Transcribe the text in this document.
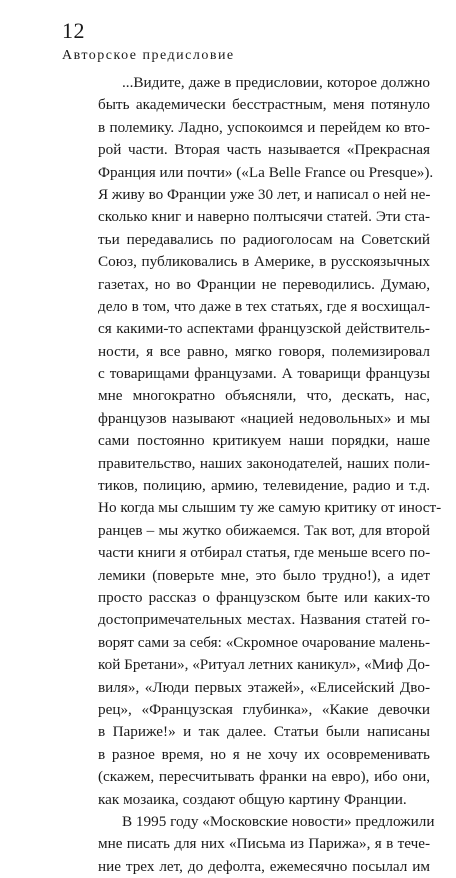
12
Авторское предисловие
...Видите, даже в предисловии, которое должно
быть академически бесстрастным, меня потянуло
в полемику. Ладно, успокоимся и перейдем ко вто-
рой части. Вторая часть называется «Прекрасная
Франция или почти» («La Belle France ou Presque»).
Я живу во Франции уже 30 лет, и написал о ней не-
сколько книг и наверно полтысячи статей. Эти ста-
тьи передавались по радиоголосам на Советский
Союз, публиковались в Америке, в русскоязычных
газетах, но во Франции не переводились. Думаю,
дело в том, что даже в тех статьях, где я восхищал-
ся какими-то аспектами французской действитель-
ности, я все равно, мягко говоря, полемизировал
с товарищами французами. А товарищи французы
мне многократно объясняли, что, дескать, нас,
французов называют «нацией недовольных» и мы
сами постоянно критикуем наши порядки, наше
правительство, наших законодателей, наших поли-
тиков, полицию, армию, телевидение, радио и т.д.
Но когда мы слышим ту же самую критику от иност-
ранцев – мы жутко обижаемся. Так вот, для второй
части книги я отбирал статья, где меньше всего по-
лемики (поверьте мне, это было трудно!), а идет
просто рассказ о французском быте или каких-то
достопримечательных местах. Названия статей го-
ворят сами за себя: «Скромное очарование малень-
кой Бретани», «Ритуал летних каникул», «Миф До-
виля», «Люди первых этажей», «Елисейский Дво-
рец», «Французская глубинка», «Какие девочки
в Париже!» и так далее. Статьи были написаны
в разное время, но я не хочу их осовременивать
(скажем, пересчитывать франки на евро), ибо они,
как мозаика, создают общую картину Франции.
В 1995 году «Московские новости» предложили
мне писать для них «Письма из Парижа», я в тече-
ние трех лет, до дефолта, ежемесячно посылал им
